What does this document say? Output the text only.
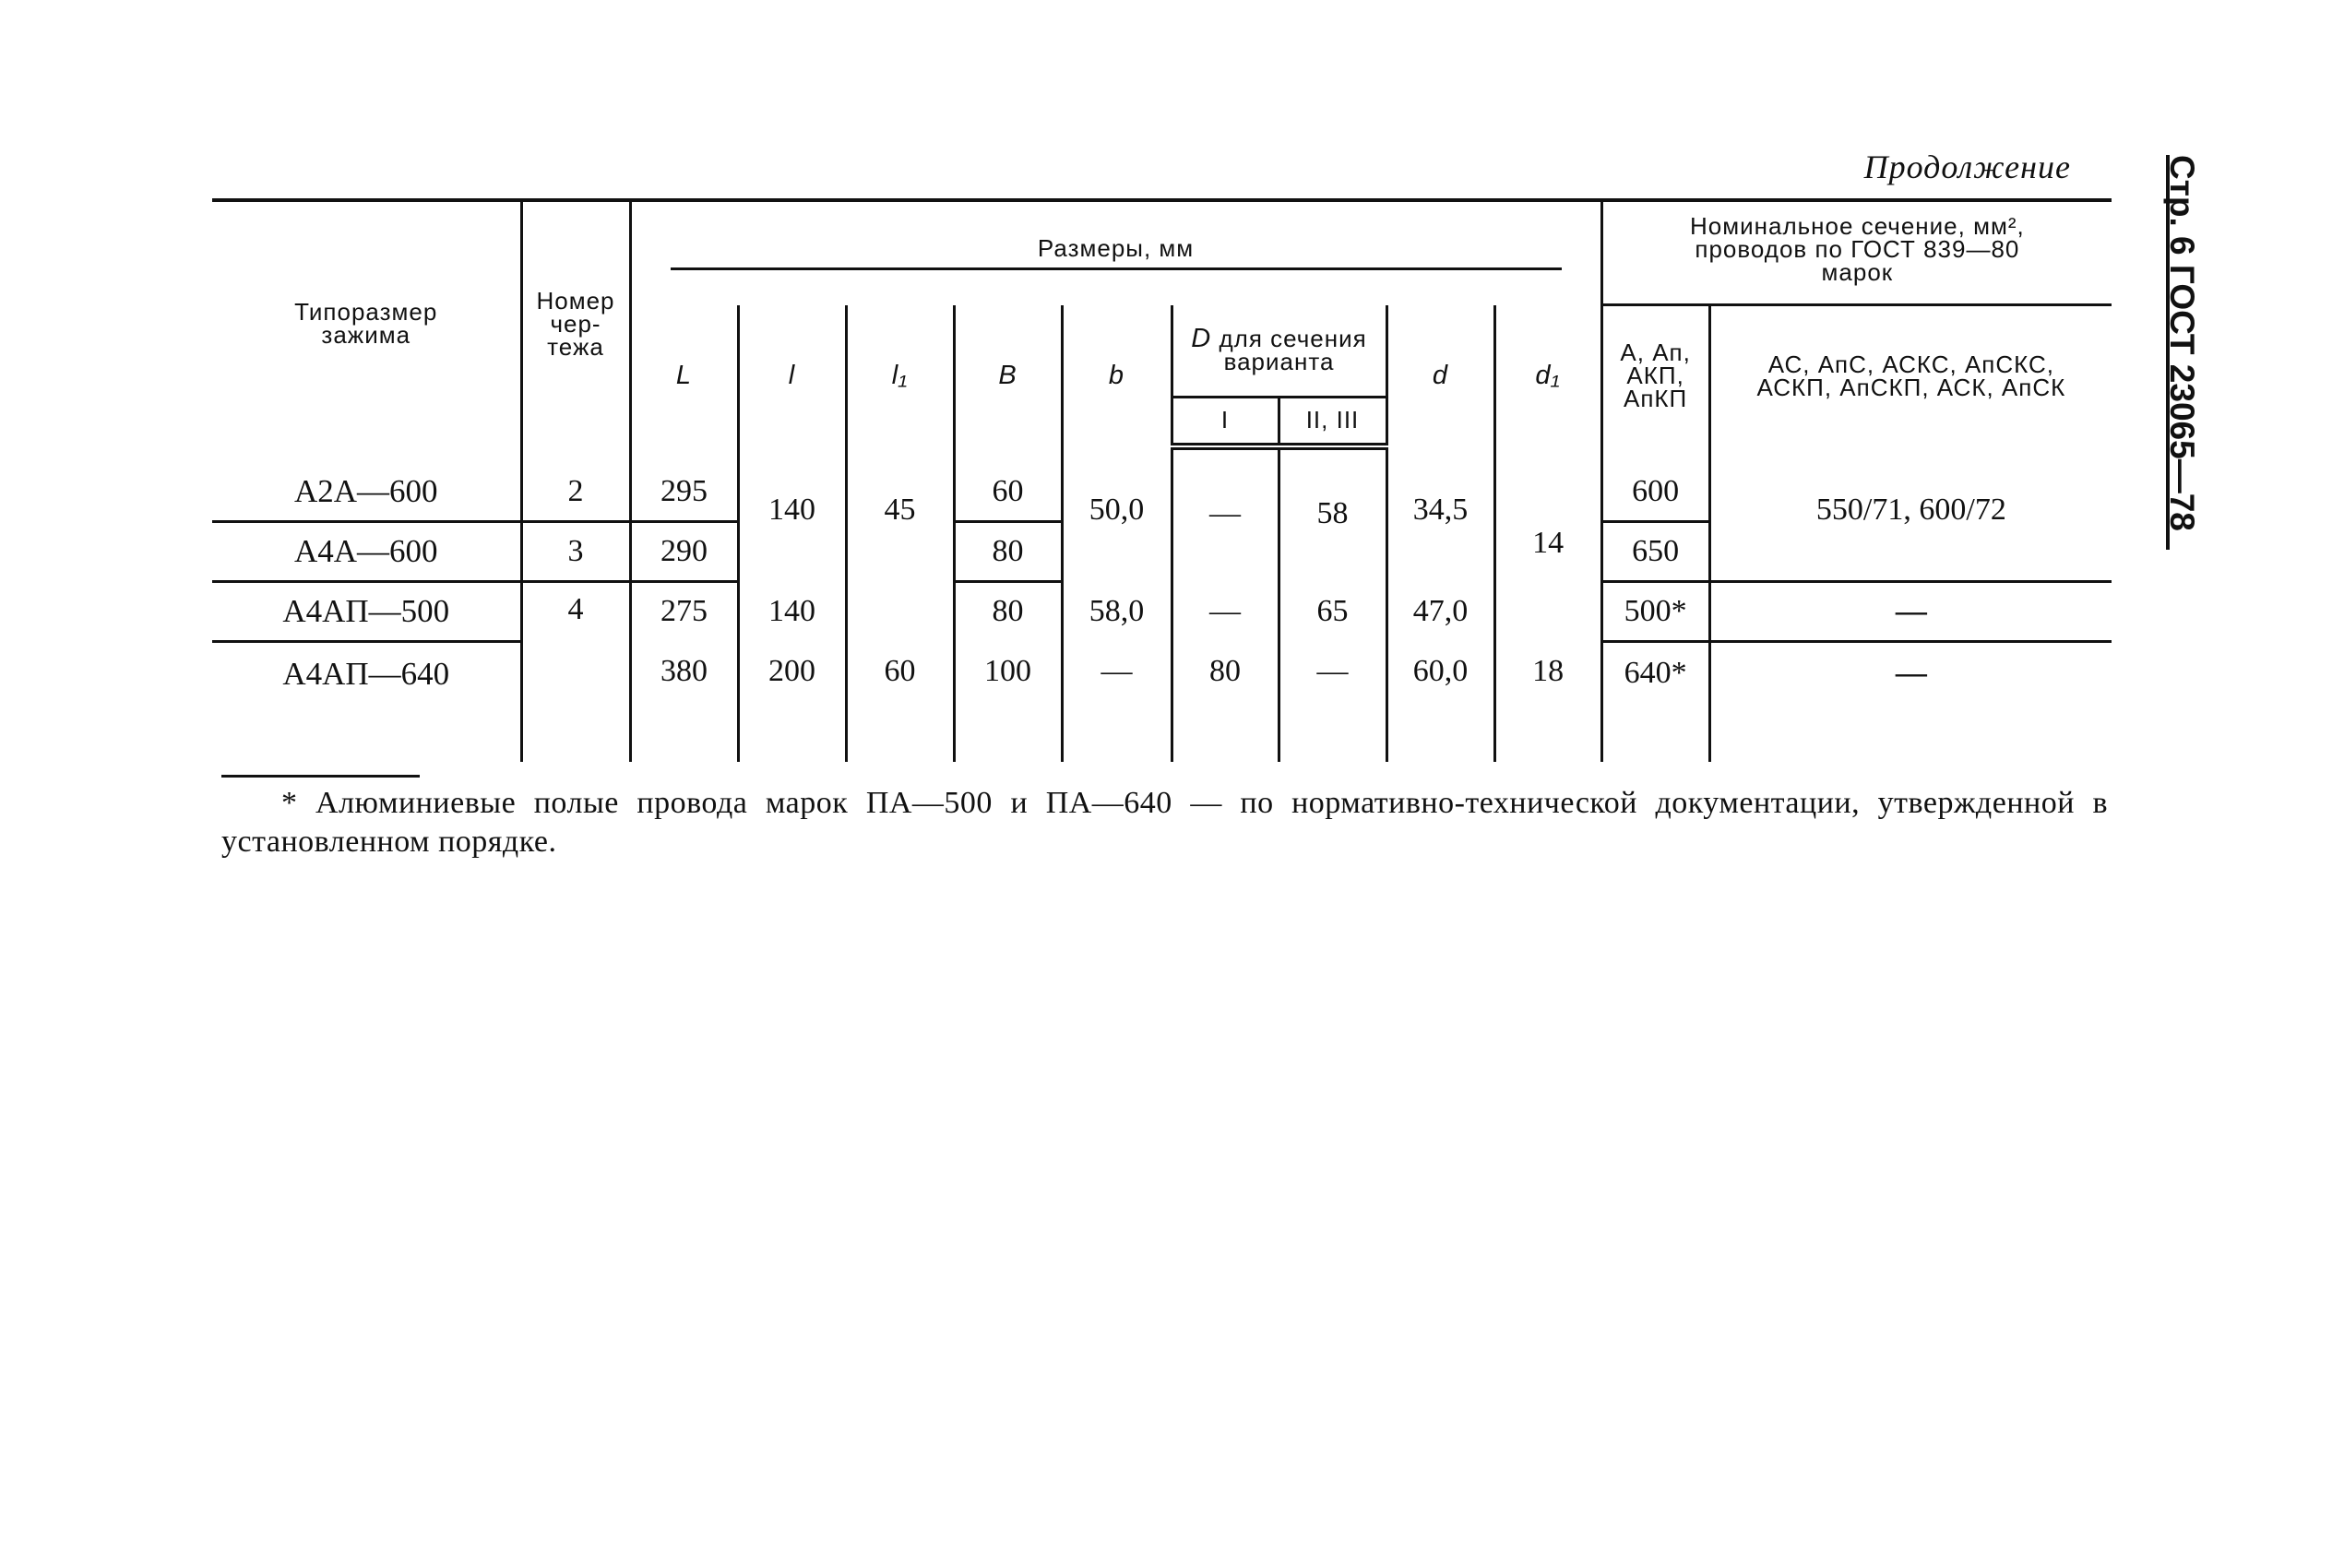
Продолжение	Стр. 6 ГОСТ 23065—78
Типоразмер зажима	Номер чер-тежа	Размеры, мм									Номинальное сечение, мм², проводов по ГОСТ 839—80 марок	
		L	l	l₁	B	b	D для сечения варианта		d	d₁	А, Ап, АКП, АпКП	АС, АпС, АСКС, АпСКС, АСКП, АпСКП, АСК, АпСК
							I	II, III				
А2А—600	2	295	140	45	60	50,0	—	58	34,5	14	600	550/71, 600/72
А4А—600	3	290			80						650	
А4АП—500	4	275	140		80	58,0	—	65	47,0		500*	—
А4АП—640		380	200	60	100	—	80	—	60,0	18	640*	—
* Алюминиевые полые провода марок ПА—500 и ПА—640 — по нормативно-технической документации, утвержденной в установленном порядке.
